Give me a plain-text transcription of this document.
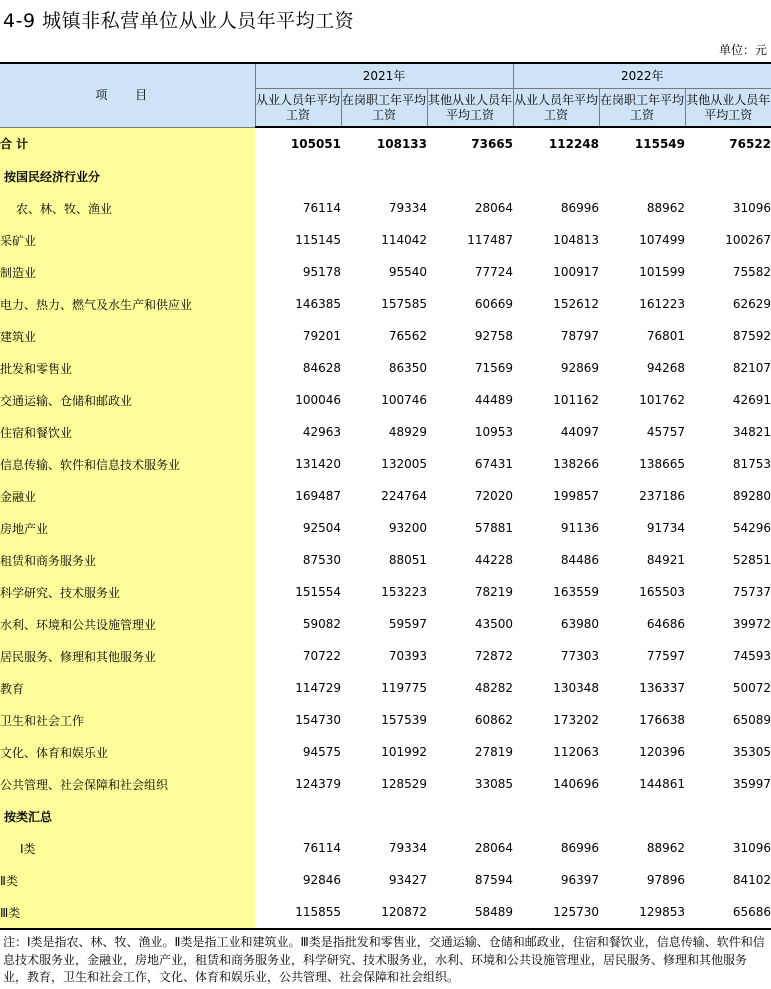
4-9 城镇非私营单位从业人员年平均工资
单位：元
项 目	2021年			2022年		
	从业人员年平均工资	在岗职工年平均工资	其他从业人员年平均工资	从业人员年平均工资	在岗职工年平均工资	其他从业人员年平均工资
合 计	105051	108133	73665	112248	115549	76522
按国民经济行业分						
农、林、牧、渔业	76114	79334	28064	86996	88962	31096
采矿业	115145	114042	117487	104813	107499	100267
制造业	95178	95540	77724	100917	101599	75582
电力、热力、燃气及水生产和供应业	146385	157585	60669	152612	161223	62629
建筑业	79201	76562	92758	78797	76801	87592
批发和零售业	84628	86350	71569	92869	94268	82107
交通运输、仓储和邮政业	100046	100746	44489	101162	101762	42691
住宿和餐饮业	42963	48929	10953	44097	45757	34821
信息传输、软件和信息技术服务业	131420	132005	67431	138266	138665	81753
金融业	169487	224764	72020	199857	237186	89280
房地产业	92504	93200	57881	91136	91734	54296
租赁和商务服务业	87530	88051	44228	84486	84921	52851
科学研究、技术服务业	151554	153223	78219	163559	165503	75737
水利、环境和公共设施管理业	59082	59597	43500	63980	64686	39972
居民服务、修理和其他服务业	70722	70393	72872	77303	77597	74593
教育	114729	119775	48282	130348	136337	50072
卫生和社会工作	154730	157539	60862	173202	176638	65089
文化、体育和娱乐业	94575	101992	27819	112063	120396	35305
公共管理、社会保障和社会组织	124379	128529	33085	140696	144861	35997
按类汇总						
Ⅰ类	76114	79334	28064	86996	88962	31096
Ⅱ类	92846	93427	87594	96397	97896	84102
Ⅲ类	115855	120872	58489	125730	129853	65686
注：Ⅰ类是指农、林、牧、渔业。Ⅱ类是指工业和建筑业。Ⅲ类是指批发和零售业，交通运输、仓储和邮政业，住宿和餐饮业，信息传输、软件和信息技术服务业，金融业，房地产业，租赁和商务服务业，科学研究、技术服务业，水利、环境和公共设施管理业，居民服务、修理和其他服务业，教育，卫生和社会工作，文化、体育和娱乐业，公共管理、社会保障和社会组织。
